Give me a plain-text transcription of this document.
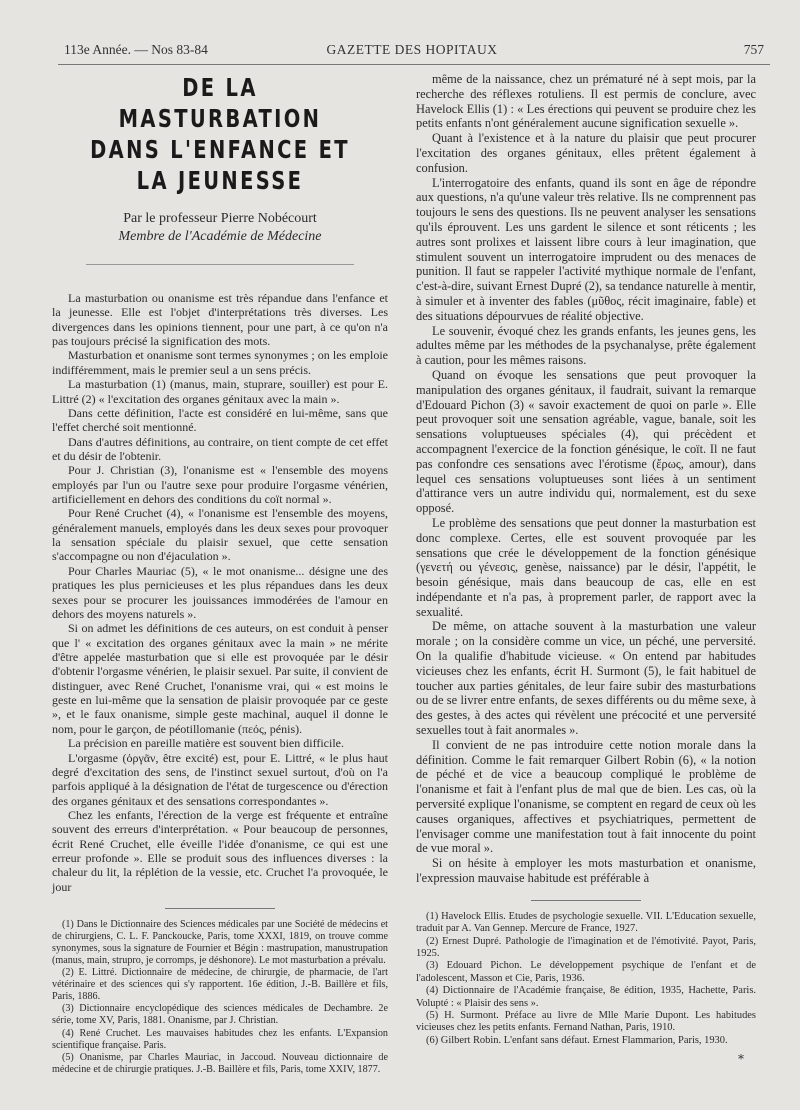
113e Année. — Nos 83-84	GAZETTE DES HOPITAUX	757
DE LA MASTURBATION
DANS L'ENFANCE ET LA JEUNESSE
Par le professeur Pierre Nobécourt
Membre de l'Académie de Médecine

La masturbation ou onanisme est très répandue dans l'enfance et la jeunesse. Elle est l'objet d'interprétations très diverses. Les divergences dans les opinions tiennent, pour une part, à ce qu'on n'a pas toujours précisé la signification des mots.

Masturbation et onanisme sont termes synonymes ; on les emploie indifféremment, mais le premier seul a un sens précis.

La masturbation (1) (manus, main, stuprare, souiller) est pour E. Littré (2) « l'excitation des organes génitaux avec la main ».

Dans cette définition, l'acte est considéré en lui-même, sans que l'effet cherché soit mentionné.

Dans d'autres définitions, au contraire, on tient compte de cet effet et du désir de l'obtenir.

Pour J. Christian (3), l'onanisme est « l'ensemble des moyens employés par l'un ou l'autre sexe pour produire l'orgasme vénérien, artificiellement en dehors des conditions du coït normal ».

Pour René Cruchet (4), « l'onanisme est l'ensemble des moyens, généralement manuels, employés dans les deux sexes pour provoquer la sensation spéciale du plaisir sexuel, que cette sensation s'accompagne ou non d'éjaculation ».

Pour Charles Mauriac (5), « le mot onanisme... désigne une des pratiques les plus pernicieuses et les plus répandues dans les deux sexes pour se procurer les jouissances immodérées de l'amour en dehors des moyens naturels ».

Si on admet les définitions de ces auteurs, on est conduit à penser que l' « excitation des organes génitaux avec la main » ne mérite d'être appelée masturbation que si elle est provoquée par le désir d'obtenir l'orgasme vénérien, le plaisir sexuel. Par suite, il convient de distinguer, avec René Cruchet, l'onanisme vrai, qui « est moins le geste en lui-même que la sensation de plaisir provoquée par ce geste », et le faux onanisme, simple geste machinal, auquel il donne le nom, pour le garçon, de péotillomanie (πεός, pénis).

La précision en pareille matière est souvent bien difficile.

L'orgasme (ὀργᾶν, être excité) est, pour E. Littré, « le plus haut degré d'excitation des sens, de l'instinct sexuel surtout, d'où on l'a parfois appliqué à la désignation de l'état de turgescence ou d'érection des organes génitaux et des sensations correspondantes ».

Chez les enfants, l'érection de la verge est fréquente et entraîne souvent des erreurs d'interprétation. « Pour beaucoup de personnes, écrit René Cruchet, elle éveille l'idée d'onanisme, ce qui est une erreur profonde ». Elle se produit sous des influences diverses : la chaleur du lit, la réplétion de la vessie, etc. Cruchet l'a provoquée, le jour

(1) Dans le Dictionnaire des Sciences médicales par une Société de médecins et de chirurgiens, C. L. F. Panckoucke, Paris, tome XXXI, 1819, on trouve comme synonymes, sous la signature de Fournier et Bégin : mastrupation, manustrupation (manus, main, strupro, je corromps, je déshonore). Le mot masturbation a prévalu.

(2) E. Littré. Dictionnaire de médecine, de chirurgie, de pharmacie, de l'art vétérinaire et des sciences qui s'y rapportent. 16e édition, J.-B. Baillère et fils, Paris, 1886.

(3) Dictionnaire encyclopédique des sciences médicales de Dechambre. 2e série, tome XV, Paris, 1881. Onanisme, par J. Christian.

(4) René Cruchet. Les mauvaises habitudes chez les enfants. L'Expansion scientifique française. Paris.

(5) Onanisme, par Charles Mauriac, in Jaccoud. Nouveau dictionnaire de médecine et de chirurgie pratiques. J.-B. Baillère et fils, Paris, tome XXIV, 1877.

même de la naissance, chez un prématuré né à sept mois, par la recherche des réflexes rotuliens. Il est permis de conclure, avec Havelock Ellis (1) : « Les érections qui peuvent se produire chez les petits enfants n'ont généralement aucune signification sexuelle ».

Quant à l'existence et à la nature du plaisir que peut procurer l'excitation des organes génitaux, elles prêtent également à confusion.

L'interrogatoire des enfants, quand ils sont en âge de répondre aux questions, n'a qu'une valeur très relative. Ils ne comprennent pas toujours le sens des questions. Ils ne peuvent analyser les sensations qu'ils éprouvent. Les uns gardent le silence et sont réticents ; les autres sont prolixes et laissent libre cours à leur imagination, que stimulent souvent un interrogatoire imprudent ou des menaces de punition. Il faut se rappeler l'activité mythique normale de l'enfant, c'est-à-dire, suivant Ernest Dupré (2), sa tendance naturelle à mentir, à simuler et à inventer des fables (μῦθος, récit imaginaire, fable) et des situations dépourvues de réalité objective.

Le souvenir, évoqué chez les grands enfants, les jeunes gens, les adultes même par les méthodes de la psychanalyse, prête également à caution, pour les mêmes raisons.

Quand on évoque les sensations que peut provoquer la manipulation des organes génitaux, il faudrait, suivant la remarque d'Edouard Pichon (3) « savoir exactement de quoi on parle ». Elle peut provoquer soit une sensation agréable, vague, banale, soit les sensations voluptueuses spéciales (4), qui précèdent et accompagnent l'exercice de la fonction génésique, le coït. Il ne faut pas confondre ces sensations avec l'érotisme (ἔρως, amour), dans lequel ces sensations voluptueuses sont liées à un sentiment d'attirance vers un autre individu qui, normalement, est du sexe opposé.

Le problème des sensations que peut donner la masturbation est donc complexe. Certes, elle est souvent provoquée par les sensations que crée le développement de la fonction génésique (γενετή ou γένεσις, genèse, naissance) par le désir, l'appétit, le besoin génésique, mais dans beaucoup de cas, elle en est indépendante et n'a pas, à proprement parler, de rapport avec la sexualité.

De même, on attache souvent à la masturbation une valeur morale ; on la considère comme un vice, un péché, une perversité. On la qualifie d'habitude vicieuse. « On entend par habitudes vicieuses chez les enfants, écrit H. Surmont (5), le fait habituel de toucher aux parties génitales, de leur faire subir des masturbations ou de se livrer entre enfants, de sexes différents ou du même sexe, à des gestes, à des actes qui révèlent une précocité et une perversité sexuelles tout à fait anormales ».

Il convient de ne pas introduire cette notion morale dans la définition. Comme le fait remarquer Gilbert Robin (6), « la notion de péché et de vice a beaucoup compliqué le problème de l'onanisme et fait à l'enfant plus de mal que de bien. Les cas, où la perversité explique l'onanisme, se comptent en regard de ceux où les causes organiques, affectives et psychiatriques, permettent de l'envisager comme une manifestation tout à fait innocente du point de vue moral ».

Si on hésite à employer les mots masturbation et onanisme, l'expression mauvaise habitude est préférable à

(1) Havelock Ellis. Etudes de psychologie sexuelle. VII. L'Education sexuelle, traduit par A. Van Gennep. Mercure de France, 1927.

(2) Ernest Dupré. Pathologie de l'imagination et de l'émotivité. Payot, Paris, 1925.

(3) Edouard Pichon. Le développement psychique de l'enfant et de l'adolescent, Masson et Cie, Paris, 1936.

(4) Dictionnaire de l'Académie française, 8e édition, 1935, Hachette, Paris. Volupté : « Plaisir des sens ».

(5) H. Surmont. Préface au livre de Mlle Marie Dupont. Les habitudes vicieuses chez les petits enfants. Fernand Nathan, Paris, 1910.

(6) Gilbert Robin. L'enfant sans défaut. Ernest Flammarion, Paris, 1930.

*
